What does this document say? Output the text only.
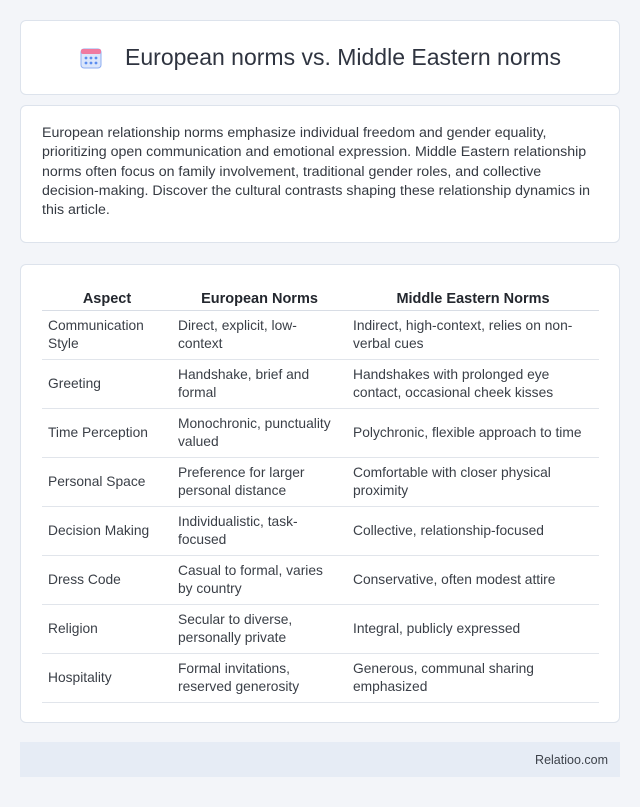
European norms vs. Middle Eastern norms

European relationship norms emphasize individual freedom and gender equality, prioritizing open communication and emotional expression. Middle Eastern relationship norms often focus on family involvement, traditional gender roles, and collective decision-making. Discover the cultural contrasts shaping these relationship dynamics in this article.

Aspect	European Norms	Middle Eastern Norms
Communication Style	Direct, explicit, low-context	Indirect, high-context, relies on non-verbal cues
Greeting	Handshake, brief and formal	Handshakes with prolonged eye contact, occasional cheek kisses
Time Perception	Monochronic, punctuality valued	Polychronic, flexible approach to time
Personal Space	Preference for larger personal distance	Comfortable with closer physical proximity
Decision Making	Individualistic, task-focused	Collective, relationship-focused
Dress Code	Casual to formal, varies by country	Conservative, often modest attire
Religion	Secular to diverse, personally private	Integral, publicly expressed
Hospitality	Formal invitations, reserved generosity	Generous, communal sharing emphasized
Relatioo.com
